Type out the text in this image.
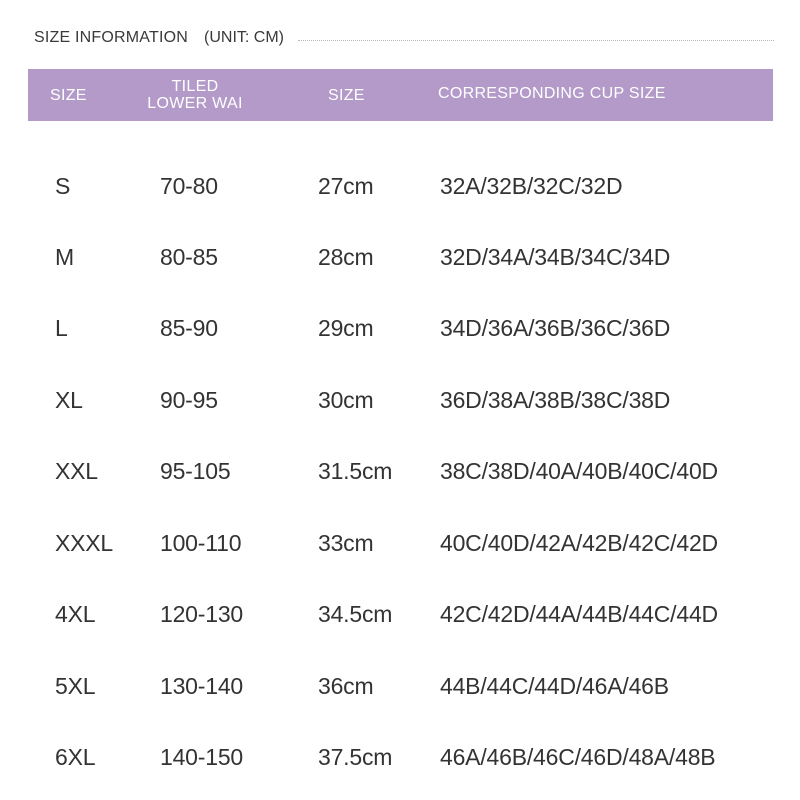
SIZE INFORMATION (UNIT: CM)
SIZE	TILED
LOWER WAI	SIZE	CORRESPONDING CUP SIZE
S	70-80	27cm	32A/32B/32C/32D
M	80-85	28cm	32D/34A/34B/34C/34D
L	85-90	29cm	34D/36A/36B/36C/36D
XL	90-95	30cm	36D/38A/38B/38C/38D
XXL	95-105	31.5cm 38C/38D/40A/40B/40C/40D
XXXL 100-110	33cm	40C/40D/42A/42B/42C/42D
4XL	120-130	34.5cm 42C/42D/44A/44B/44C/44D
5XL	130-140	36cm	44B/44C/44D/46A/46B
6XL	140-150	37.5cm 46A/46B/46C/46D/48A/48B
